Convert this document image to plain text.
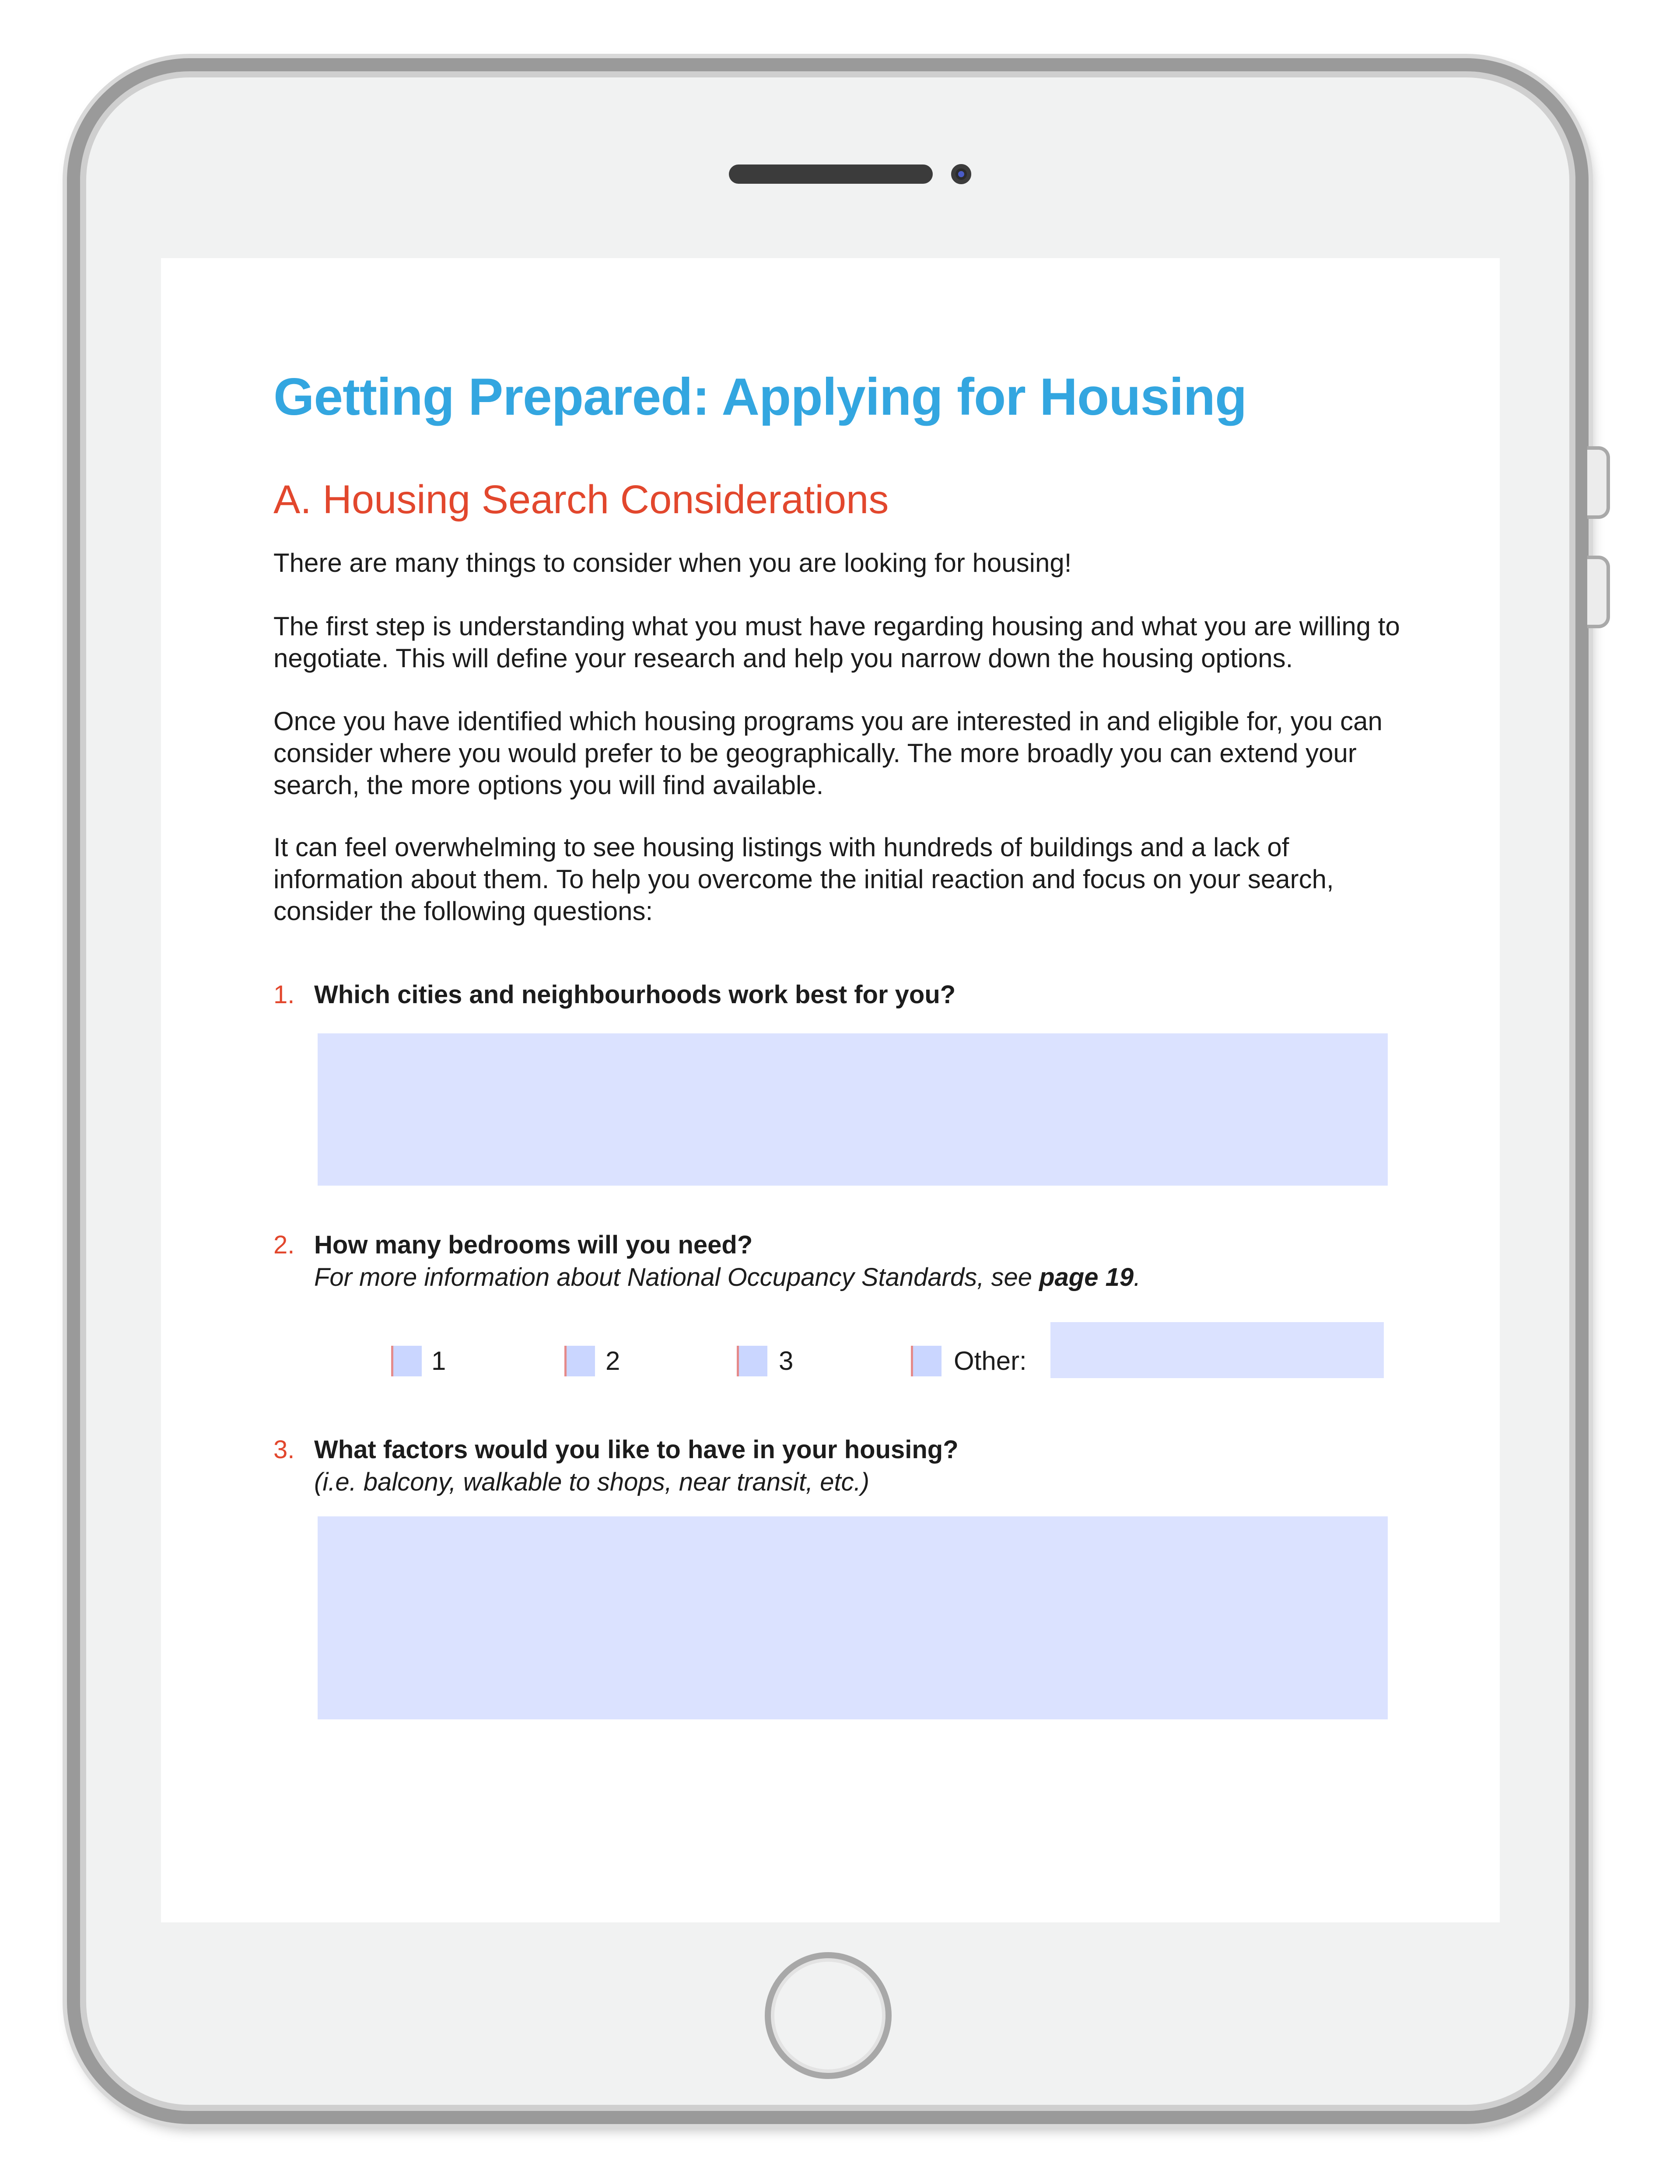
Getting Prepared: Applying for Housing
A. Housing Search Considerations
There are many things to consider when you are looking for housing!
The first step is understanding what you must have regarding housing and what you are willing to negotiate. This will define your research and help you narrow down the housing options.
Once you have identified which housing programs you are interested in and eligible for, you can consider where you would prefer to be geographically. The more broadly you can extend your search, the more options you will find available.
It can feel overwhelming to see housing listings with hundreds of buildings and a lack of information about them. To help you overcome the initial reaction and focus on your search, consider the following questions:
1. Which cities and neighbourhoods work best for you?
2. How many bedrooms will you need?
For more information about National Occupancy Standards, see page 19.
1	2	3	Other:
3. What factors would you like to have in your housing?
(i.e. balcony, walkable to shops, near transit, etc.)
